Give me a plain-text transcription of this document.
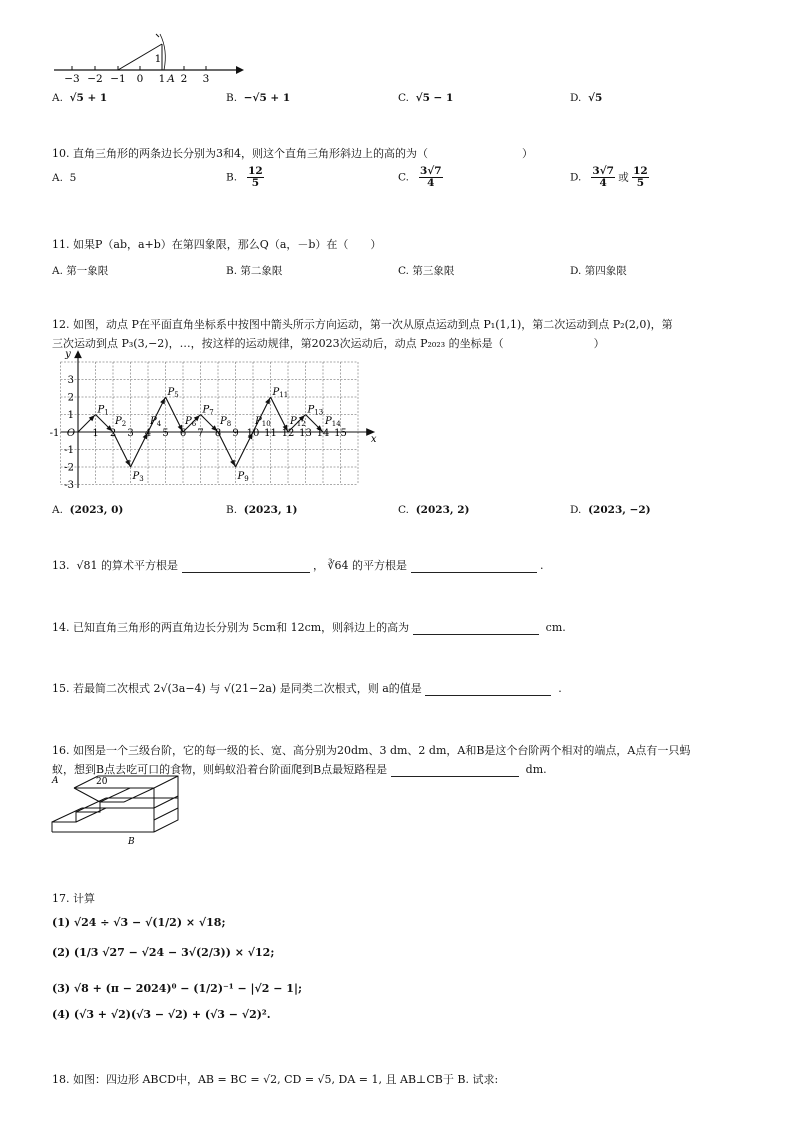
−3 −2 −1 0 1 2 3
1
A
A. √5 + 1	B. −√5 + 1	C. √5 − 1	D. √5
10. 直角三角形的两条边长分别为3和4，则这个直角三角形斜边上的高的为（	）
A. 5	B. $\frac{12}{5}$	C. $\frac{3√7}{4}$	D. $\frac{3√7}{4}$ 或 $\frac{12}{5}$
11. 如果P（ab，a+b）在第四象限，那么Q（a，－b）在（　　）
A. 第一象限	B. 第二象限	C. 第三象限	D. 第四象限
12. 如图，动点 P在平面直角坐标系中按图中箭头所示方向运动，第一次从原点运动到点 P₁(1,1)，第二次运动到点 P₂(2,0)，第
三次运动到点 P₃(3,−2)，…，按这样的运动规律，第2023次运动后，动点 P₂₀₂₃ 的坐标是（	）
-1 O 1 2 3 4 5 6 7 8 9 10 11 12 13 14 15
3
2
1
-1
-2
-3
x
y
$P_1$
$P_2$
$P_3$
$P_4$
$P_5$
$P_6$
$P_7$
$P_8$
$P_9$
$P_{10}$
$P_{11}$
$P_{12}$
$P_{13}$
$P_{14}$
A. (2023, 0)	B. (2023, 1)	C. (2023, 2)	D. (2023, −2)
13. √81 的算术平方根是	， ∛64 的平方根是	.
14. 已知直角三角形的两直角边长分别为 5cm和 12cm，则斜边上的高为	cm.
15. 若最简二次根式 2√(3a−4) 与 √(21−2a) 是同类二次根式，则 a的值是	.
16. 如图是一个三级台阶，它的每一级的长、宽、高分别为20dm、3 dm、2 dm，A和B是这个台阶两个相对的端点，A点有一只蚂
蚁，想到B点去吃可口的食物，则蚂蚁沿着台阶面爬到B点最短路程是	dm.
20
A
B
17. 计算
(1) √24 ÷ √3 − √(1/2) × √18;
(2) (1/3 √27 − √24 − 3√(2/3)) × √12;
(3) √8 + (π − 2024)⁰ − (1/2)⁻¹ − |√2 − 1|;
(4) (√3 + √2)(√3 − √2) + (√3 − √2)².
18. 如图：四边形 ABCD中，AB = BC = √2, CD = √5, DA = 1, 且 AB⊥CB于 B. 试求:
